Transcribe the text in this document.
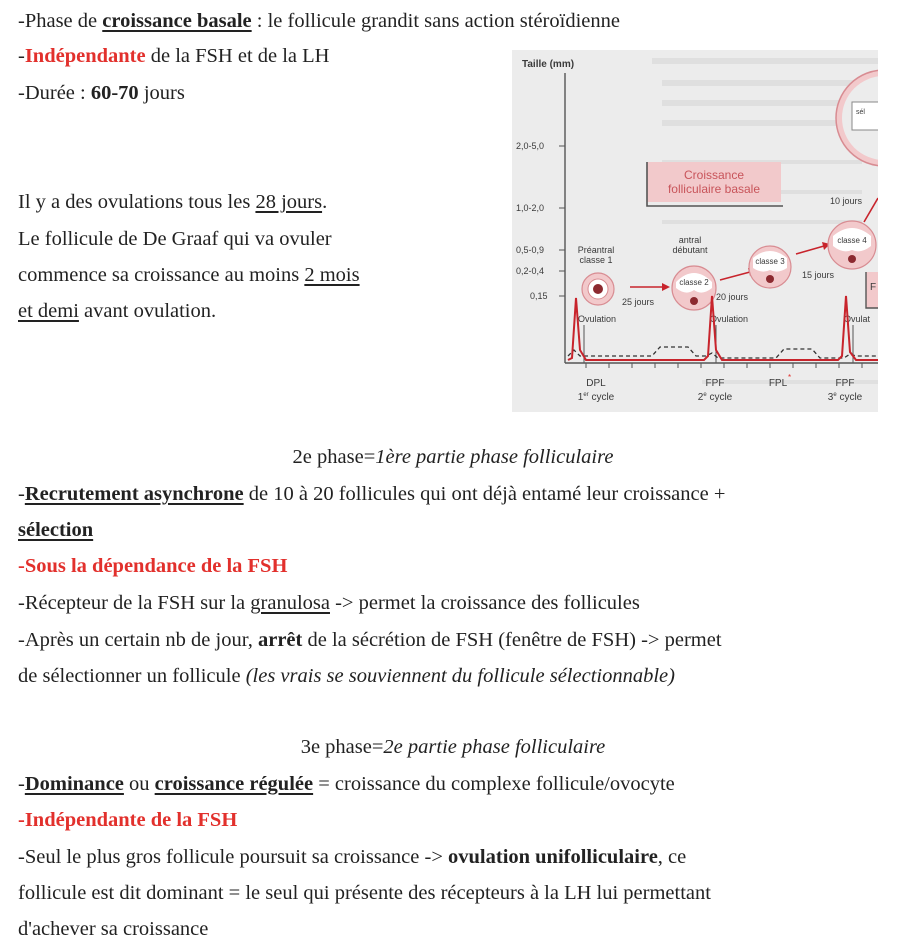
-Phase de croissance basale : le follicule grandit sans action stéroïdienne
-Indépendante de la FSH et de la LH
-Durée : 60-70 jours
Il y a des ovulations tous les 28 jours.
Le follicule de De Graaf qui va ovuler
commence sa croissance au moins 2 mois
et demi avant ovulation.
Taille (mm)
2,0-5,0
1,0-2,0
0,5-0,9
0,2-0,4
0,15
Croissance
folliculaire basale
sél
10 jours
Préantral
classe 1
25 jours
antral
débutant
classe 2
20 jours
classe 3
15 jours
classe 4
F
Ovulation	Ovulation	Ovulat
DPL
1er cycle
FPF
2e cycle
FPL
*
FPF
3e cycle
2e phase=1ère partie phase folliculaire
-Recrutement asynchrone de 10 à 20 follicules qui ont déjà entamé leur croissance +
sélection
-Sous la dépendance de la FSH
-Récepteur de la FSH sur la granulosa -> permet la croissance des follicules
-Après un certain nb de jour, arrêt de la sécrétion de FSH (fenêtre de FSH) -> permet
de sélectionner un follicule (les vrais se souviennent du follicule sélectionnable)
3e phase=2e partie phase folliculaire
-Dominance ou croissance régulée = croissance du complexe follicule/ovocyte
-Indépendante de la FSH
-Seul le plus gros follicule poursuit sa croissance -> ovulation unifolliculaire, ce
follicule est dit dominant = le seul qui présente des récepteurs à la LH lui permettant
d'achever sa croissance
